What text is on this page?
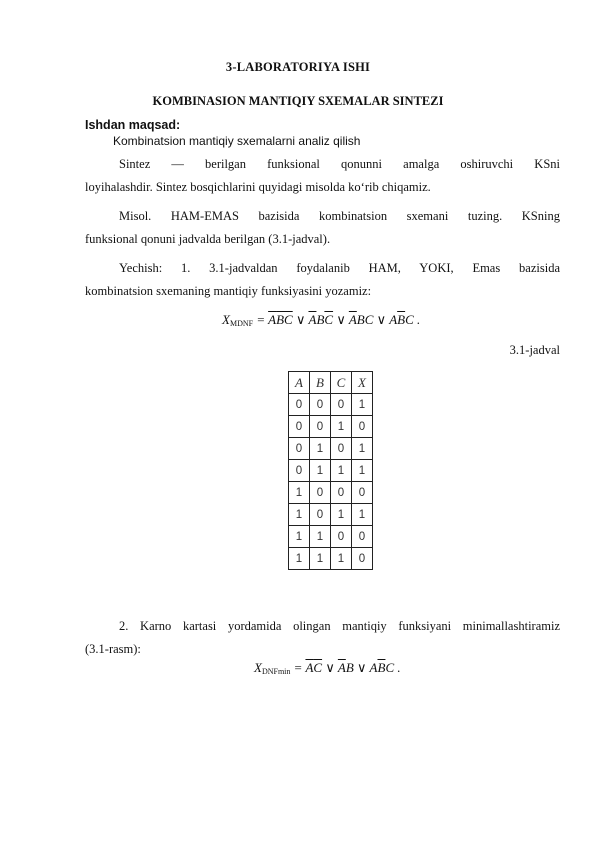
3-LABORATORIYA ISHI
KOMBINASION MANTIQIY SXEMALAR SINTEZI
Ishdan maqsad:
Kombinatsion mantiqiy sxemalarni analiz qilish
Sintez — berilgan funksional qonunni amalga oshiruvchi KSni
loyihalashdir. Sintez bosqichlarini quyidagi misolda ko‘rib chiqamiz.
Misol. HAM-EMAS bazisida kombinatsion sxemani tuzing. KSning
funksional qonuni jadvalda berilgan (3.1-jadval).
Yechish: 1. 3.1-jadvaldan foydalanib HAM, YOKI, Emas bazisida
kombinatsion sxemaning mantiqiy funksiyasini yozamiz:
$X_{MDNF} = \overline{A}\overline{BC}$ ∨ $\overline{A}B\overline{C}$ ∨ $\overline{A}BC$ ∨ $A\overline{B}C$ .
3.1-jadval
A	B	C	X
0	0	0	1
0	0	1	0
0	1	0	1
0	1	1	1
1	0	0	0
1	0	1	1
1	1	0	0
1	1	1	0
2. Karno kartasi yordamida olingan mantiqiy funksiyani minimallashtiramiz
(3.1-rasm):
$X_{DNFmin} = \overline{A}\overline{C}$ ∨ $\overline{A}B$ ∨ $A\overline{B}C$ .
